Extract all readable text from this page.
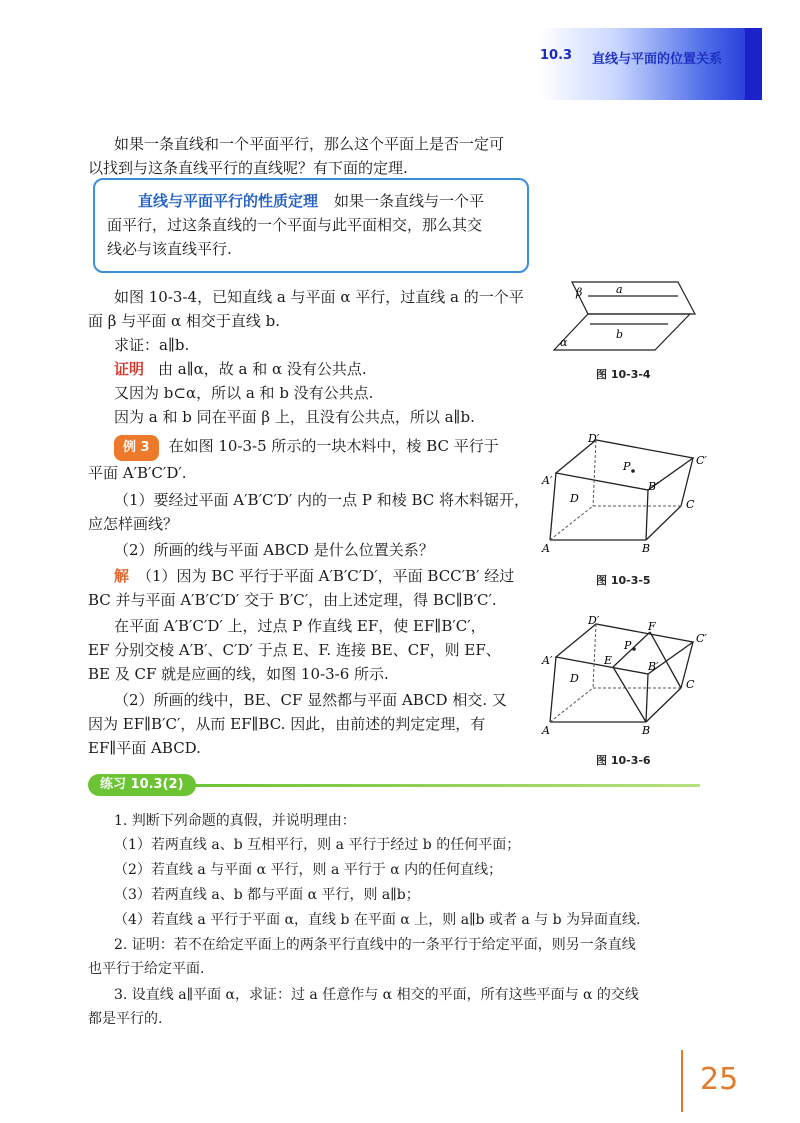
10.3 直线与平面的位置关系
如果一条直线和一个平面平行，那么这个平面上是否一定可
以找到与这条直线平行的直线呢？有下面的定理.
直线与平面平行的性质定理 如果一条直线与一个平
面平行，过这条直线的一个平面与此平面相交，那么其交
线必与该直线平行.
如图 10-3-4，已知直线 a 与平面 α 平行，过直线 a 的一个平
面 β 与平面 α 相交于直线 b.
求证：a∥b.
证明 由 a∥α，故 a 和 α 没有公共点.
又因为 b⊂α，所以 a 和 b 没有公共点.
因为 a 和 b 同在平面 β 上，且没有公共点，所以 a∥b.
例 3 在如图 10-3-5 所示的一块木料中，棱 BC 平行于
平面 A′B′C′D′.
（1）要经过平面 A′B′C′D′ 内的一点 P 和棱 BC 将木料锯开，
应怎样画线？
（2）所画的线与平面 ABCD 是什么位置关系？
解 （1）因为 BC 平行于平面 A′B′C′D′，平面 BCC′B′ 经过
BC 并与平面 A′B′C′D′ 交于 B′C′，由上述定理，得 BC∥B′C′.
在平面 A′B′C′D′ 上，过点 P 作直线 EF，使 EF∥B′C′，
EF 分别交棱 A′B′、C′D′ 于点 E、F. 连接 BE、CF，则 EF、
BE 及 CF 就是应画的线，如图 10-3-6 所示.
（2）所画的线中，BE、CF 显然都与平面 ABCD 相交. 又
因为 EF∥B′C′，从而 EF∥BC. 因此，由前述的判定定理，有
EF∥平面 ABCD.
β	a
b
α
图 10-3-4
D′
C′
P
A′	B′
D	C
A	B
图 10-3-5
D′	F
C′
P
A′	E	B′
D	C
A	B
图 10-3-6
练习 10.3(2)
1. 判断下列命题的真假，并说明理由：
（1）若两直线 a、b 互相平行，则 a 平行于经过 b 的任何平面；
（2）若直线 a 与平面 α 平行，则 a 平行于 α 内的任何直线；
（3）若两直线 a、b 都与平面 α 平行，则 a∥b；
（4）若直线 a 平行于平面 α，直线 b 在平面 α 上，则 a∥b 或者 a 与 b 为异面直线.
2. 证明：若不在给定平面上的两条平行直线中的一条平行于给定平面，则另一条直线
也平行于给定平面.
3. 设直线 a∥平面 α，求证：过 a 任意作与 α 相交的平面，所有这些平面与 α 的交线
都是平行的.
25
